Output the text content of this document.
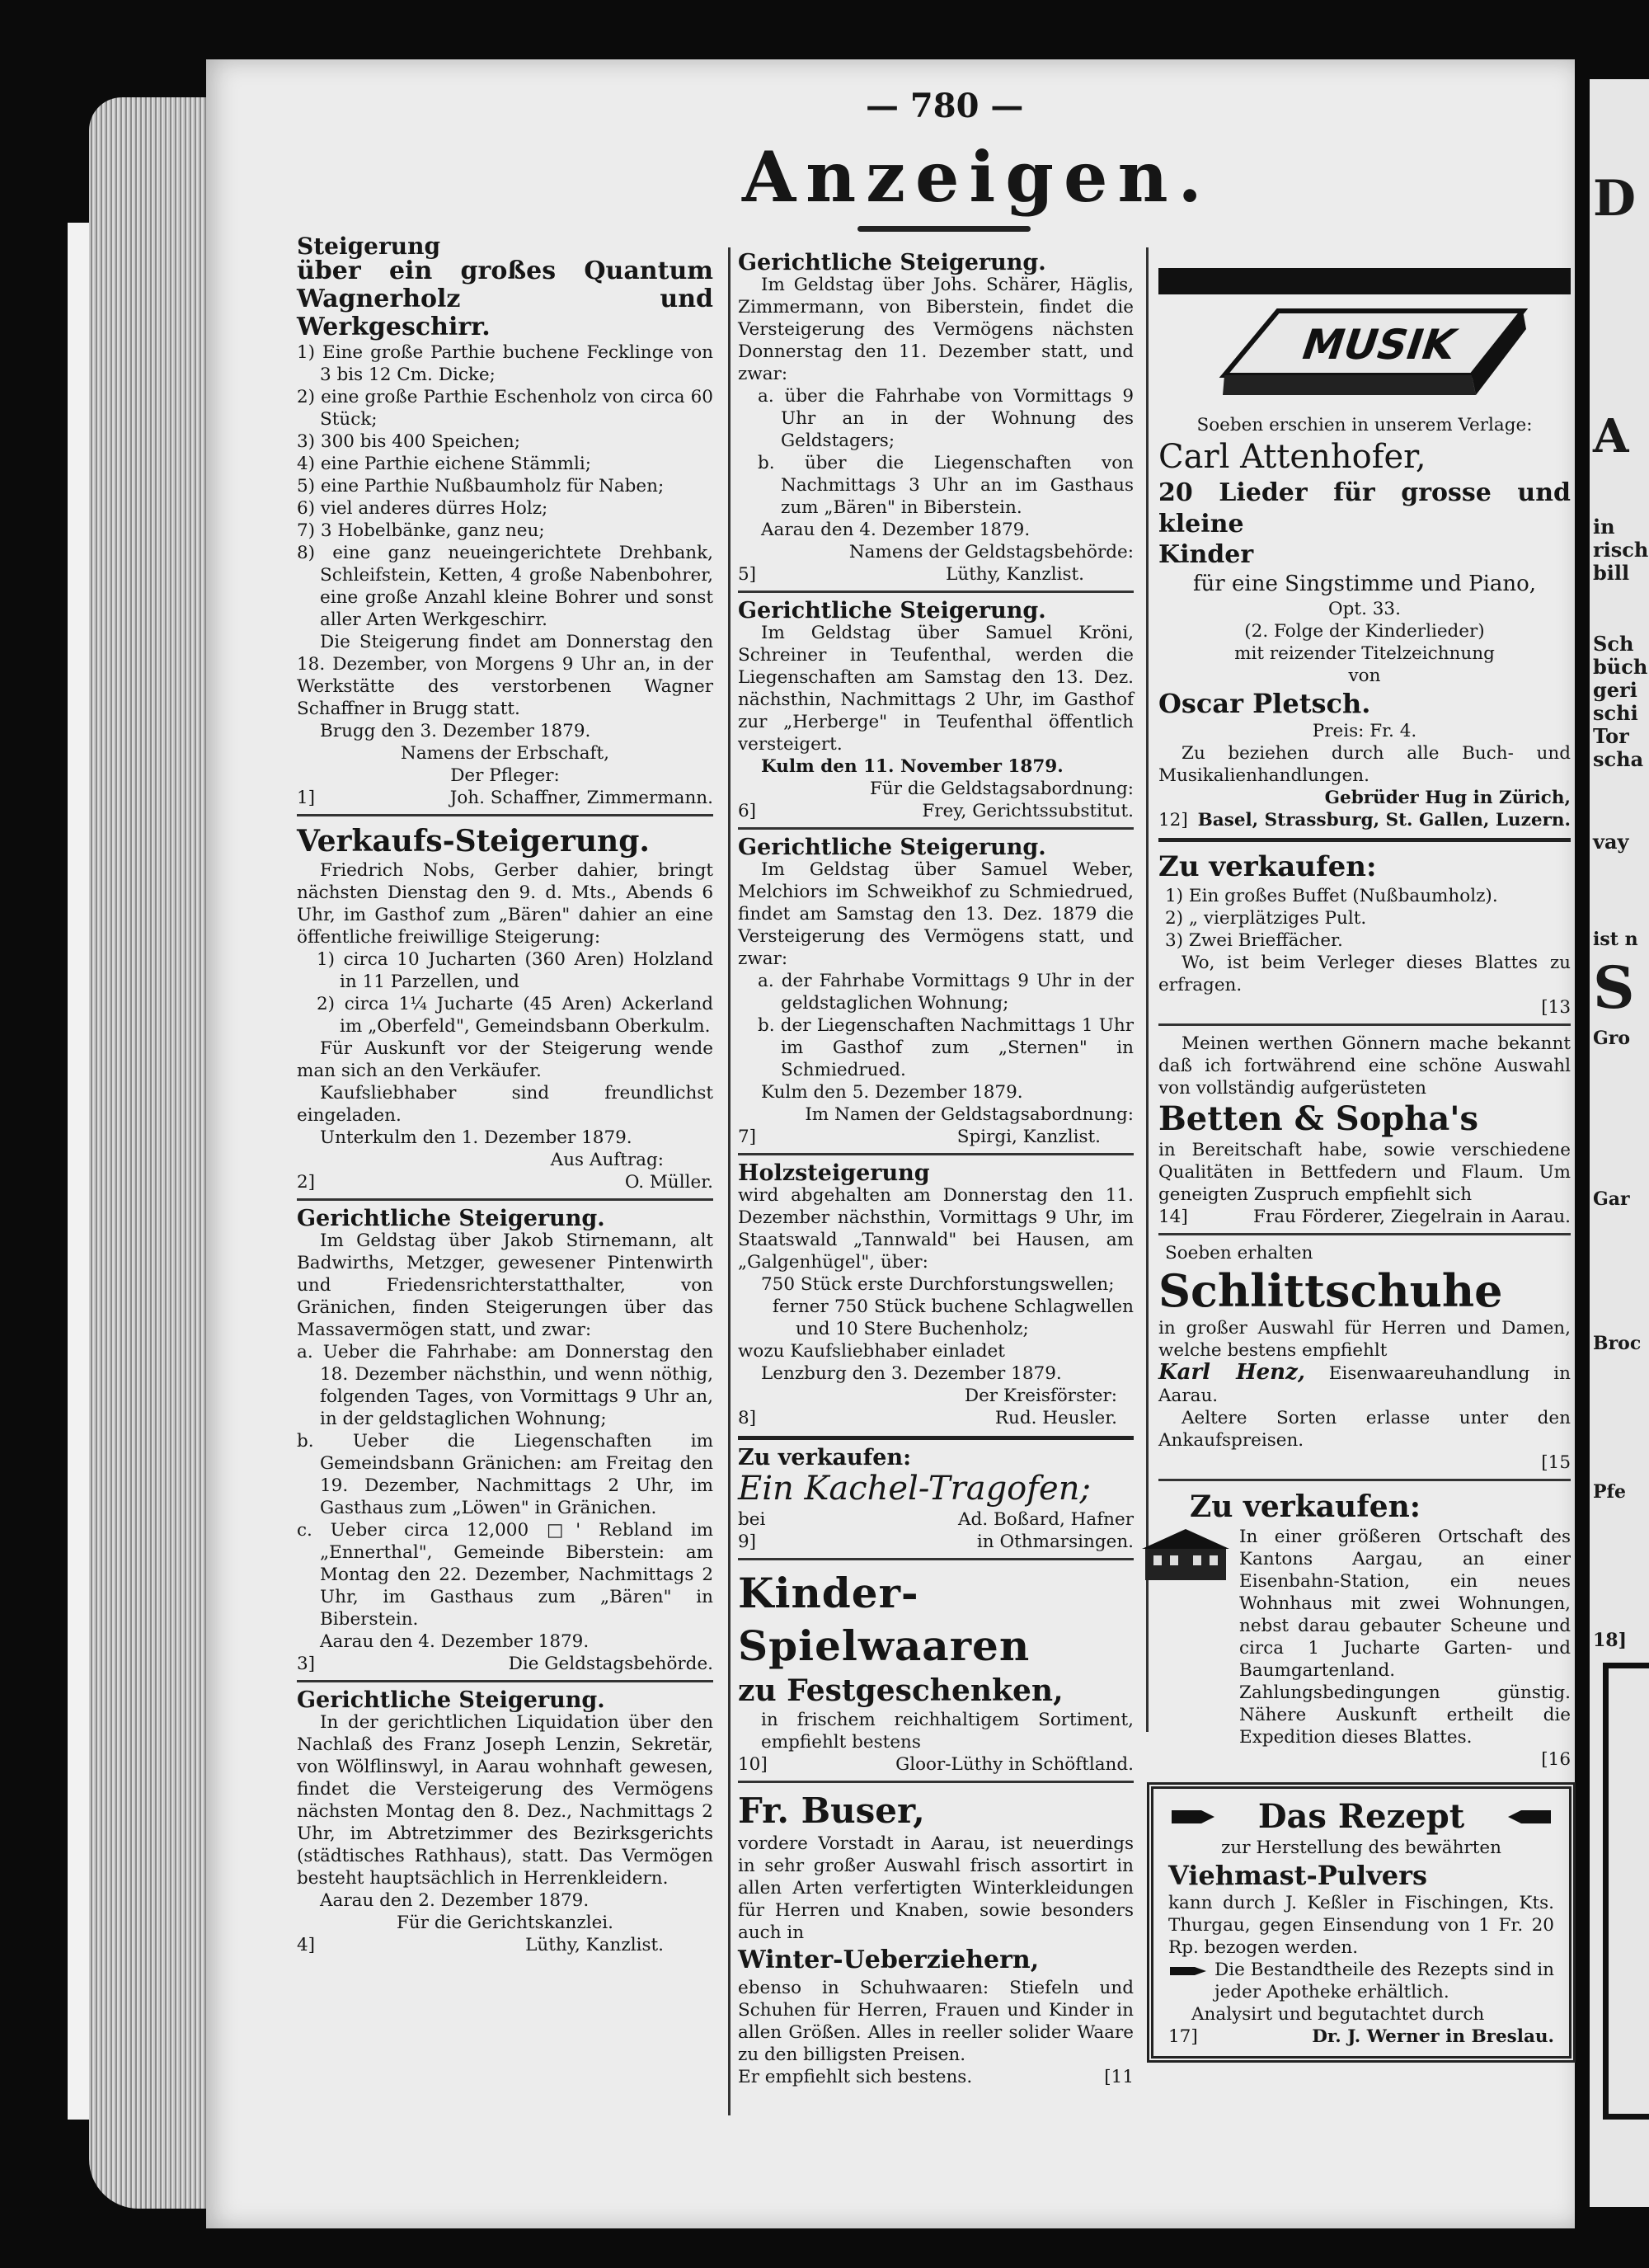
D
A
in
risch
bill
Sch
büch
geri
schi
Tor
scha
vay
ist n
S
Gro
Gar
Broc
Pfe
18]
— 780 —
Anzeigen.

Steigerung

über ein großes Quantum Wagnerholz und Werkgeschirr.

1) Eine große Parthie buchene Fecklinge von 3 bis 12 Cm. Dicke;

2) eine große Parthie Eschenholz von circa 60 Stück;

3) 300 bis 400 Speichen;

4) eine Parthie eichene Stämmli;

5) eine Parthie Nußbaumholz für Naben;

6) viel anderes dürres Holz;

7) 3 Hobelbänke, ganz neu;

8) eine ganz neueingerichtete Drehbank, Schleifstein, Ketten, 4 große Nabenbohrer, eine große Anzahl kleine Bohrer und sonst aller Arten Werkgeschirr.

Die Steigerung findet am Donnerstag den 18. Dezember, von Morgens 9 Uhr an, in der Werkstätte des verstorbenen Wagner Schaffner in Brugg statt.

Brugg den 3. Dezember 1879.

Namens der Erbschaft,

Der Pfleger:

1]	Joh. Schaffner, Zimmermann.

Verkaufs-Steigerung.

Friedrich Nobs, Gerber dahier, bringt nächsten Dienstag den 9. d. Mts., Abends 6 Uhr, im Gasthof zum „Bären" dahier an eine öffentliche freiwillige Steigerung:

1) circa 10 Jucharten (360 Aren) Holzland in 11 Parzellen, und

2) circa 1¼ Jucharte (45 Aren) Ackerland im „Oberfeld", Gemeindsbann Oberkulm.

Für Auskunft vor der Steigerung wende man sich an den Verkäufer.

Kaufsliebhaber sind freundlichst eingeladen.

Unterkulm den 1. Dezember 1879.

Aus Auftrag:

2]	O. Müller.

Gerichtliche Steigerung.

Im Geldstag über Jakob Stirnemann, alt Badwirths, Metzger, gewesener Pintenwirth und Friedensrichterstatthalter, von Gränichen, finden Steigerungen über das Massavermögen statt, und zwar:

a. Ueber die Fahrhabe: am Donnerstag den 18. Dezember nächsthin, und wenn nöthig, folgenden Tages, von Vormittags 9 Uhr an, in der geldstaglichen Wohnung;

b. Ueber die Liegenschaften im Gemeindsbann Gränichen: am Freitag den 19. Dezember, Nachmittags 2 Uhr, im Gasthaus zum „Löwen" in Gränichen.

c. Ueber circa 12,000 □' Rebland im „Ennerthal", Gemeinde Biberstein: am Montag den 22. Dezember, Nachmittags 2 Uhr, im Gasthaus zum „Bären" in Biberstein.

Aarau den 4. Dezember 1879.

3]	Die Geldstagsbehörde.

Gerichtliche Steigerung.

In der gerichtlichen Liquidation über den Nachlaß des Franz Joseph Lenzin, Sekretär, von Wölflinswyl, in Aarau wohnhaft gewesen, findet die Versteigerung des Vermögens nächsten Montag den 8. Dez., Nachmittags 2 Uhr, im Abtretzimmer des Bezirksgerichts (städtisches Rathhaus), statt. Das Vermögen besteht hauptsächlich in Herrenkleidern.

Aarau den 2. Dezember 1879.

Für die Gerichtskanzlei.

4]	Lüthy, Kanzlist.

Gerichtliche Steigerung.

Im Geldstag über Johs. Schärer, Häglis, Zimmermann, von Biberstein, findet die Versteigerung des Vermögens nächsten Donnerstag den 11. Dezember statt, und zwar:

a. über die Fahrhabe von Vormittags 9 Uhr an in der Wohnung des Geldstagers;

b. über die Liegenschaften von Nachmittags 3 Uhr an im Gasthaus zum „Bären" in Biberstein.

Aarau den 4. Dezember 1879.

Namens der Geldstagsbehörde:

5]	Lüthy, Kanzlist.

Gerichtliche Steigerung.

Im Geldstag über Samuel Kröni, Schreiner in Teufenthal, werden die Liegenschaften am Samstag den 13. Dez. nächsthin, Nachmittags 2 Uhr, im Gasthof zur „Herberge" in Teufenthal öffentlich versteigert.

Kulm den 11. November 1879.

Für die Geldstagsabordnung:

6]	Frey, Gerichtssubstitut.

Gerichtliche Steigerung.

Im Geldstag über Samuel Weber, Melchiors im Schweikhof zu Schmiedrued, findet am Samstag den 13. Dez. 1879 die Versteigerung des Vermögens statt, und zwar:

a. der Fahrhabe Vormittags 9 Uhr in der geldstaglichen Wohnung;

b. der Liegenschaften Nachmittags 1 Uhr im Gasthof zum „Sternen" in Schmiedrued.

Kulm den 5. Dezember 1879.

Im Namen der Geldstagsabordnung:

7]	Spirgi, Kanzlist.

Holzsteigerung

wird abgehalten am Donnerstag den 11. Dezember nächsthin, Vormittags 9 Uhr, im Staatswald „Tannwald" bei Hausen, am „Galgenhügel", über:

750 Stück erste Durchforstungswellen;

ferner 750 Stück buchene Schlagwellen und 10 Stere Buchenholz;

wozu Kaufsliebhaber einladet

Lenzburg den 3. Dezember 1879.

Der Kreisförster:

8]	Rud. Heusler.

Zu verkaufen:

Ein Kachel-Tragofen;

bei	Ad. Boßard, Hafner
9]	in Othmarsingen.

Kinder-Spielwaaren

zu Festgeschenken,

in frischem reichhaltigem Sortiment, empfiehlt bestens

10]	Gloor-Lüthy in Schöftland.

Fr. Buser,

vordere Vorstadt in Aarau, ist neuerdings in sehr großer Auswahl frisch assortirt in allen Arten verfertigten Winterkleidungen für Herren und Knaben, sowie besonders auch in

Winter-Ueberziehern,

ebenso in Schuhwaaren: Stiefeln und Schuhen für Herren, Frauen und Kinder in allen Größen. Alles in reeller solider Waare zu den billigsten Preisen.

Er empfiehlt sich bestens.	[11
MUSIK

Soeben erschien in unserem Verlage:

Carl Attenhofer,

20 Lieder für grosse und kleine

Kinder

für eine Singstimme und Piano,

Opt. 33.

(2. Folge der Kinderlieder)

mit reizender Titelzeichnung

von

Oscar Pletsch.

Preis: Fr. 4.

Zu beziehen durch alle Buch- und Musikalienhandlungen.

Gebrüder Hug in Zürich,

12] Basel, Strassburg, St. Gallen, Luzern.

Zu verkaufen:

1) Ein großes Buffet (Nußbaumholz).

2) „ vierplätziges Pult.

3) Zwei Brieffächer.

Wo, ist beim Verleger dieses Blattes zu erfragen.

[13

Meinen werthen Gönnern mache bekannt daß ich fortwährend eine schöne Auswahl von vollständig aufgerüsteten

Betten & Sopha's

in Bereitschaft habe, sowie verschiedene Qualitäten in Bettfedern und Flaum. Um geneigten Zuspruch empfiehlt sich

14]	Frau Förderer, Ziegelrain in Aarau.

Soeben erhalten

Schlittschuhe

in großer Auswahl für Herren und Damen, welche bestens empfiehlt

Karl Henz, Eisenwaareuhandlung in Aarau.

Aeltere Sorten erlasse unter den Ankaufspreisen.

[15

Zu verkaufen:

In einer größeren Ortschaft des Kantons Aargau, an einer Eisenbahn-Station, ein neues Wohnhaus mit zwei Wohnungen, nebst darau gebauter Scheune und circa 1 Jucharte Garten- und Baumgartenland. Zahlungsbedingungen günstig. Nähere Auskunft ertheilt die Expedition dieses Blattes.

[16

Das Rezept

zur Herstellung des bewährten

Viehmast-Pulvers

kann durch J. Keßler in Fischingen, Kts. Thurgau, gegen Einsendung von 1 Fr. 20 Rp. bezogen werden.

Die Bestandtheile des Rezepts sind in jeder Apotheke erhältlich.

Analysirt und begutachtet durch

17]	Dr. J. Werner in Breslau.
